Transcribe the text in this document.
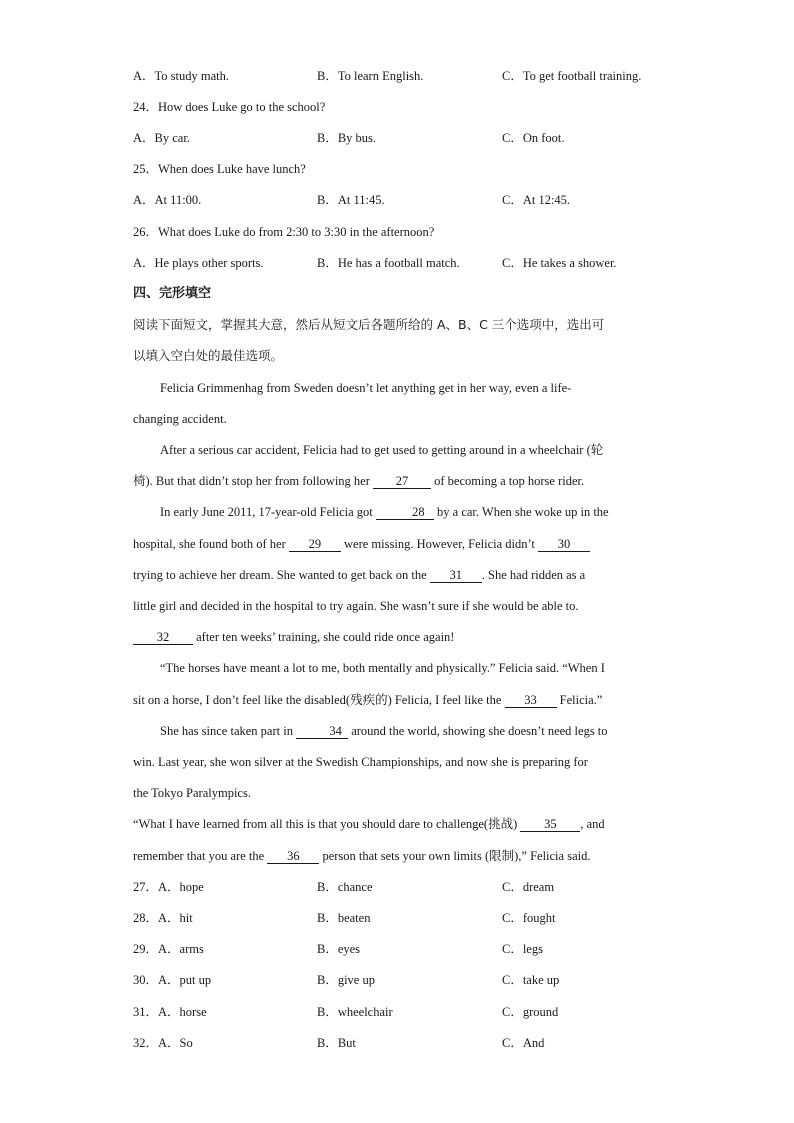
A．To study math.	B．To learn English.	C．To get football training.
24．How does Luke go to the school?
A．By car.	B．By bus.	C．On foot.
25．When does Luke have lunch?
A．At 11:00.	B．At 11:45.	C．At 12:45.
26．What does Luke do from 2:30 to 3:30 in the afternoon?
A．He plays other sports.	B．He has a football match.	C．He takes a shower.
四、完形填空
阅读下面短文，掌握其大意，然后从短文后各题所给的 A、B、C 三个选项中，选出可
以填入空白处的最佳选项。
Felicia Grimmenhag from Sweden doesn’t let anything get in her way, even a life-
changing accident.
After a serious car accident, Felicia had to get used to getting around in a wheelchair (轮
椅). But that didn’t stop her from following her 27 of becoming a top horse rider.
In early June 2011, 17-year-old Felicia got	28 by a car. When she woke up in the
hospital, she found both of her 29 were missing. However, Felicia didn’t 30
trying to achieve her dream. She wanted to get back on the 31 . She had ridden as a
little girl and decided in the hospital to try again. She wasn’t sure if she would be able to.
32 after ten weeks’ training, she could ride once again!
“The horses have meant a lot to me, both mentally and physically.” Felicia said. “When I
sit on a horse, I don’t feel like the disabled(残疾的) Felicia, I feel like the 33 Felicia.”
She has since taken part in	34 around the world, showing she doesn’t need legs to
win. Last year, she won silver at the Swedish Championships, and now she is preparing for
the Tokyo Paralympics.
“What I have learned from all this is that you should dare to challenge(挑战) 35 , and
remember that you are the 36 person that sets your own limits (限制),” Felicia said.
27．A．hope	B．chance	C．dream
28．A．hit	B．beaten	C．fought
29．A．arms	B．eyes	C．legs
30．A．put up	B．give up	C．take up
31．A．horse	B．wheelchair	C．ground
32．A．So	B．But	C．And
